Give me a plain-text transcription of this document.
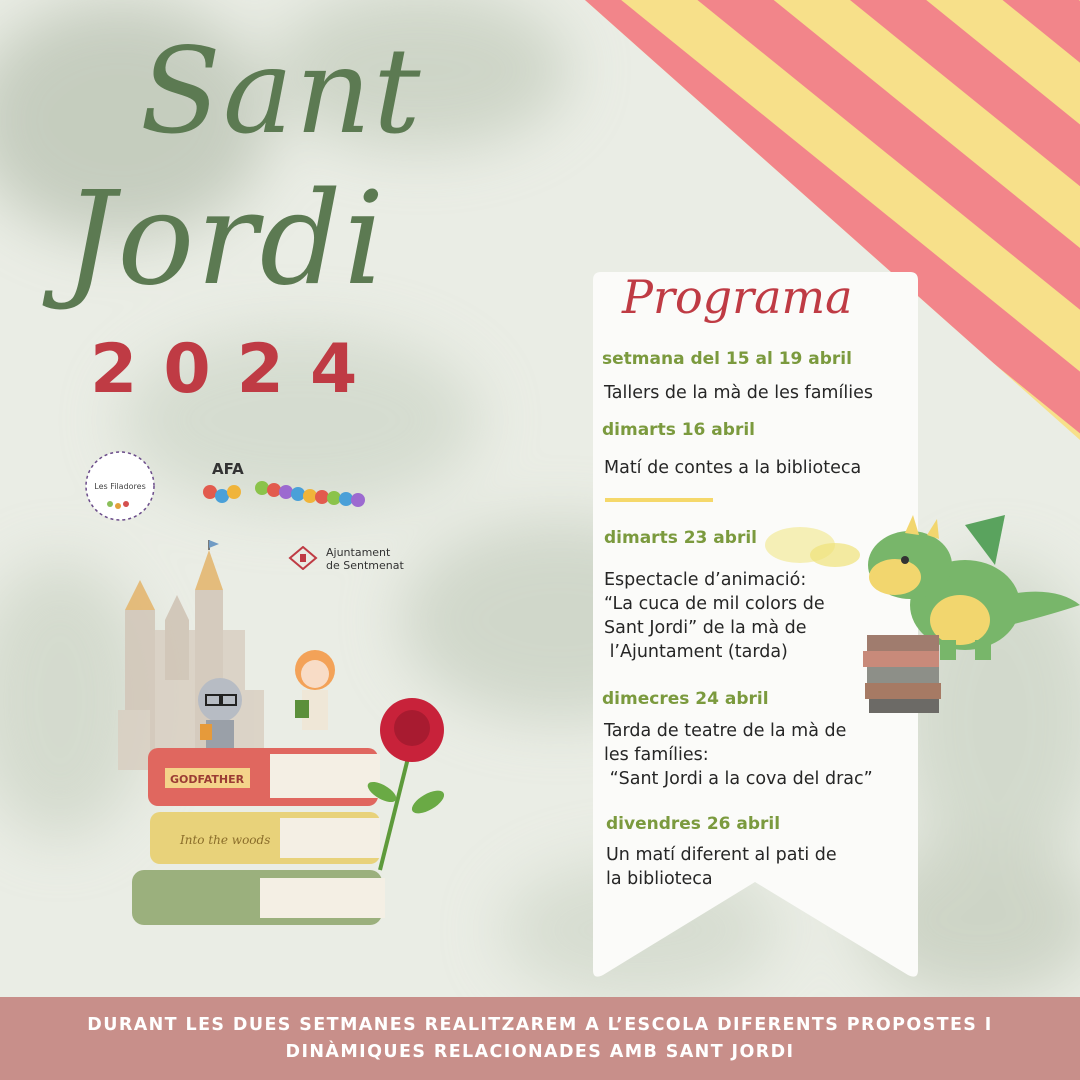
Sant
Jordi
2024
Les Filadores
AFA
Ajuntament
de Sentmenat
Into the woods
GODFATHER
Programa
setmana del 15 al 19 abril
Tallers de la mà de les famílies
dimarts 16 abril
Matí de contes a la biblioteca
dimarts 23 abril
Espectacle d’animació:
“La cuca de mil colors de
Sant Jordi” de la mà de
l’Ajuntament (tarda)
dimecres 24 abril
Tarda de teatre de la mà de
les famílies:
“Sant Jordi a la cova del drac”
divendres 26 abril
Un matí diferent al pati de
la biblioteca
DURANT LES DUES SETMANES REALITZAREM A L’ESCOLA DIFERENTS PROPOSTES I
DINÀMIQUES RELACIONADES AMB SANT JORDI
